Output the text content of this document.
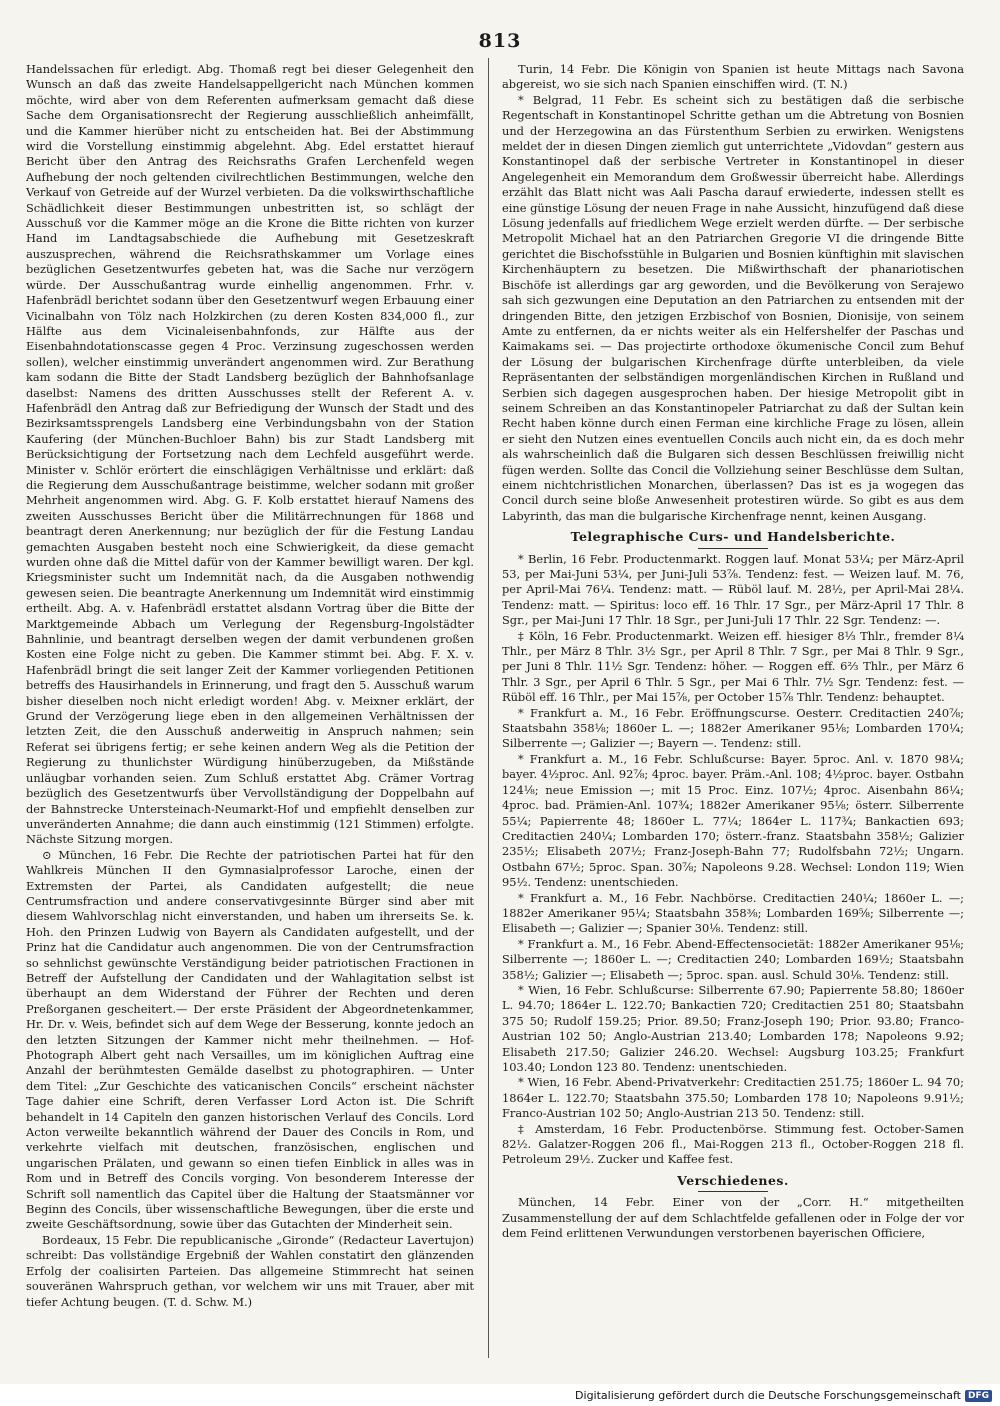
813

Handelssachen für erledigt. Abg. Thomaß regt bei dieser Gelegenheit den Wunsch an daß das zweite Handelsappellgericht nach München kommen möchte, wird aber von dem Referenten aufmerksam gemacht daß diese Sache dem Organisationsrecht der Regierung ausschließlich anheimfällt, und die Kammer hierüber nicht zu entscheiden hat. Bei der Abstimmung wird die Vorstellung einstimmig abgelehnt. Abg. Edel erstattet hierauf Bericht über den Antrag des Reichsraths Grafen Lerchenfeld wegen Aufhebung der noch geltenden civilrechtlichen Bestimmungen, welche den Verkauf von Getreide auf der Wurzel verbieten. Da die volkswirthschaftliche Schädlichkeit dieser Bestimmungen unbestritten ist, so schlägt der Ausschuß vor die Kammer möge an die Krone die Bitte richten von kurzer Hand im Landtagsabschiede die Aufhebung mit Gesetzeskraft auszusprechen, während die Reichsrathskammer um Vorlage eines bezüglichen Gesetzentwurfes gebeten hat, was die Sache nur verzögern würde. Der Ausschußantrag wurde einhellig angenommen. Frhr. v. Hafenbrädl berichtet sodann über den Gesetzentwurf wegen Erbauung einer Vicinalbahn von Tölz nach Holzkirchen (zu deren Kosten 834,000 fl., zur Hälfte aus dem Vicinaleisenbahnfonds, zur Hälfte aus der Eisenbahndotationscasse gegen 4 Proc. Verzinsung zugeschossen werden sollen), welcher einstimmig unverändert angenommen wird. Zur Berathung kam sodann die Bitte der Stadt Landsberg bezüglich der Bahnhofsanlage daselbst: Namens des dritten Ausschusses stellt der Referent A. v. Hafenbrädl den Antrag daß zur Befriedigung der Wunsch der Stadt und des Bezirksamtssprengels Landsberg eine Verbindungsbahn von der Station Kaufering (der München-Buchloer Bahn) bis zur Stadt Landsberg mit Berücksichtigung der Fortsetzung nach dem Lechfeld ausgeführt werde. Minister v. Schlör erörtert die einschlägigen Verhältnisse und erklärt: daß die Regierung dem Ausschußantrage beistimme, welcher sodann mit großer Mehrheit angenommen wird. Abg. G. F. Kolb erstattet hierauf Namens des zweiten Ausschusses Bericht über die Militärrechnungen für 1868 und beantragt deren Anerkennung; nur bezüglich der für die Festung Landau gemachten Ausgaben besteht noch eine Schwierigkeit, da diese gemacht wurden ohne daß die Mittel dafür von der Kammer bewilligt waren. Der kgl. Kriegsminister sucht um Indemnität nach, da die Ausgaben nothwendig gewesen seien. Die beantragte Anerkennung um Indemnität wird einstimmig ertheilt. Abg. A. v. Hafenbrädl erstattet alsdann Vortrag über die Bitte der Marktgemeinde Abbach um Verlegung der Regensburg-Ingolstädter Bahnlinie, und beantragt derselben wegen der damit verbundenen großen Kosten eine Folge nicht zu geben. Die Kammer stimmt bei. Abg. F. X. v. Hafenbrädl bringt die seit langer Zeit der Kammer vorliegenden Petitionen betreffs des Hausirhandels in Erinnerung, und fragt den 5. Ausschuß warum bisher dieselben noch nicht erledigt worden! Abg. v. Meixner erklärt, der Grund der Verzögerung liege eben in den allgemeinen Verhältnissen der letzten Zeit, die den Ausschuß anderweitig in Anspruch nahmen; sein Referat sei übrigens fertig; er sehe keinen andern Weg als die Petition der Regierung zu thunlichster Würdigung hinüberzugeben, da Mißstände unläugbar vorhanden seien. Zum Schluß erstattet Abg. Crämer Vortrag bezüglich des Gesetzentwurfs über Vervollständigung der Doppelbahn auf der Bahnstrecke Untersteinach-Neumarkt-Hof und empfiehlt denselben zur unveränderten Annahme; die dann auch einstimmig (121 Stimmen) erfolgte. Nächste Sitzung morgen.

⊙ München, 16 Febr. Die Rechte der patriotischen Partei hat für den Wahlkreis München II den Gymnasialprofessor Laroche, einen der Extremsten der Partei, als Candidaten aufgestellt; die neue Centrumsfraction und andere conservativgesinnte Bürger sind aber mit diesem Wahlvorschlag nicht einverstanden, und haben um ihrerseits Se. k. Hoh. den Prinzen Ludwig von Bayern als Candidaten aufgestellt, und der Prinz hat die Candidatur auch angenommen. Die von der Centrumsfraction so sehnlichst gewünschte Verständigung beider patriotischen Fractionen in Betreff der Aufstellung der Candidaten und der Wahlagitation selbst ist überhaupt an dem Widerstand der Führer der Rechten und deren Preßorganen gescheitert.— Der erste Präsident der Abgeordnetenkammer, Hr. Dr. v. Weis, befindet sich auf dem Wege der Besserung, konnte jedoch an den letzten Sitzungen der Kammer nicht mehr theilnehmen. — Hof-Photograph Albert geht nach Versailles, um im königlichen Auftrag eine Anzahl der berühmtesten Gemälde daselbst zu photographiren. — Unter dem Titel: „Zur Geschichte des vaticanischen Concils“ erscheint nächster Tage dahier eine Schrift, deren Verfasser Lord Acton ist. Die Schrift behandelt in 14 Capiteln den ganzen historischen Verlauf des Concils. Lord Acton verweilte bekanntlich während der Dauer des Concils in Rom, und verkehrte vielfach mit deutschen, französischen, englischen und ungarischen Prälaten, und gewann so einen tiefen Einblick in alles was in Rom und in Betreff des Concils vorging. Von besonderem Interesse der Schrift soll namentlich das Capitel über die Haltung der Staatsmänner vor Beginn des Concils, über wissenschaftliche Bewegungen, über die erste und zweite Geschäftsordnung, sowie über das Gutachten der Minderheit sein.

Bordeaux, 15 Febr. Die republicanische „Gironde“ (Redacteur Lavertujon) schreibt: Das vollständige Ergebniß der Wahlen constatirt den glänzenden Erfolg der coalisirten Parteien. Das allgemeine Stimmrecht hat seinen souveränen Wahrspruch gethan, vor welchem wir uns mit Trauer, aber mit tiefer Achtung beugen. (T. d. Schw. M.)

Turin, 14 Febr. Die Königin von Spanien ist heute Mittags nach Savona abgereist, wo sie sich nach Spanien einschiffen wird. (T. N.)

* Belgrad, 11 Febr. Es scheint sich zu bestätigen daß die serbische Regentschaft in Konstantinopel Schritte gethan um die Abtretung von Bosnien und der Herzegowina an das Fürstenthum Serbien zu erwirken. Wenigstens meldet der in diesen Dingen ziemlich gut unterrichtete „Vidovdan“ gestern aus Konstantinopel daß der serbische Vertreter in Konstantinopel in dieser Angelegenheit ein Memorandum dem Großwessir überreicht habe. Allerdings erzählt das Blatt nicht was Aali Pascha darauf erwiederte, indessen stellt es eine günstige Lösung der neuen Frage in nahe Aussicht, hinzufügend daß diese Lösung jedenfalls auf friedlichem Wege erzielt werden dürfte. — Der serbische Metropolit Michael hat an den Patriarchen Gregorie VI die dringende Bitte gerichtet die Bischofsstühle in Bulgarien und Bosnien künftighin mit slavischen Kirchenhäuptern zu besetzen. Die Mißwirthschaft der phanariotischen Bischöfe ist allerdings gar arg geworden, und die Bevölkerung von Serajewo sah sich gezwungen eine Deputation an den Patriarchen zu entsenden mit der dringenden Bitte, den jetzigen Erzbischof von Bosnien, Dionisije, von seinem Amte zu entfernen, da er nichts weiter als ein Helfershelfer der Paschas und Kaimakams sei. — Das projectirte orthodoxe ökumenische Concil zum Behuf der Lösung der bulgarischen Kirchenfrage dürfte unterbleiben, da viele Repräsentanten der selbständigen morgenländischen Kirchen in Rußland und Serbien sich dagegen ausgesprochen haben. Der hiesige Metropolit gibt in seinem Schreiben an das Konstantinopeler Patriarchat zu daß der Sultan kein Recht haben könne durch einen Ferman eine kirchliche Frage zu lösen, allein er sieht den Nutzen eines eventuellen Concils auch nicht ein, da es doch mehr als wahrscheinlich daß die Bulgaren sich dessen Beschlüssen freiwillig nicht fügen werden. Sollte das Concil die Vollziehung seiner Beschlüsse dem Sultan, einem nichtchristlichen Monarchen, überlassen? Das ist es ja wogegen das Concil durch seine bloße Anwesenheit protestiren würde. So gibt es aus dem Labyrinth, das man die bulgarische Kirchenfrage nennt, keinen Ausgang.

Telegraphische Curs- und Handelsberichte.

* Berlin, 16 Febr. Productenmarkt. Roggen lauf. Monat 53¼; per März-April 53, per Mai-Juni 53¼, per Juni-Juli 53⅞. Tendenz: fest. — Weizen lauf. M. 76, per April-Mai 76¼. Tendenz: matt. — Rüböl lauf. M. 28½, per April-Mai 28¼. Tendenz: matt. — Spiritus: loco eff. 16 Thlr. 17 Sgr., per März-April 17 Thlr. 8 Sgr., per Mai-Juni 17 Thlr. 18 Sgr., per Juni-Juli 17 Thlr. 22 Sgr. Tendenz: —.

‡ Köln, 16 Febr. Productenmarkt. Weizen eff. hiesiger 8⅓ Thlr., fremder 8¼ Thlr., per März 8 Thlr. 3½ Sgr., per April 8 Thlr. 7 Sgr., per Mai 8 Thlr. 9 Sgr., per Juni 8 Thlr. 11½ Sgr. Tendenz: höher. — Roggen eff. 6⅔ Thlr., per März 6 Thlr. 3 Sgr., per April 6 Thlr. 5 Sgr., per Mai 6 Thlr. 7½ Sgr. Tendenz: fest. — Rüböl eff. 16 Thlr., per Mai 15⅞, per October 15⅞ Thlr. Tendenz: behauptet.

* Frankfurt a. M., 16 Febr. Eröffnungscurse. Oesterr. Creditactien 240⅞; Staatsbahn 358⅛; 1860er L. —; 1882er Amerikaner 95⅛; Lombarden 170¼; Silberrente —; Galizier —; Bayern —. Tendenz: still.

* Frankfurt a. M., 16 Febr. Schlußcurse: Bayer. 5proc. Anl. v. 1870 98¼; bayer. 4½proc. Anl. 92⅞; 4proc. bayer. Präm.-Anl. 108; 4½proc. bayer. Ostbahn 124⅛; neue Emission —; mit 15 Proc. Einz. 107½; 4proc. Aisenbahn 86¼; 4proc. bad. Prämien-Anl. 107¾; 1882er Amerikaner 95⅛; österr. Silberrente 55¼; Papierrente 48; 1860er L. 77¼; 1864er L. 117¾; Bankactien 693; Creditactien 240¼; Lombarden 170; österr.-franz. Staatsbahn 358½; Galizier 235½; Elisabeth 207½; Franz-Joseph-Bahn 77; Rudolfsbahn 72½; Ungarn. Ostbahn 67½; 5proc. Span. 30⅞; Napoleons 9.28. Wechsel: London 119; Wien 95½. Tendenz: unentschieden.

* Frankfurt a. M., 16 Febr. Nachbörse. Creditactien 240¼; 1860er L. —; 1882er Amerikaner 95¼; Staatsbahn 358⅜; Lombarden 169⅝; Silberrente —; Elisabeth —; Galizier —; Spanier 30⅛. Tendenz: still.

* Frankfurt a. M., 16 Febr. Abend-Effectensocietät: 1882er Amerikaner 95⅛; Silberrente —; 1860er L. —; Creditactien 240; Lombarden 169½; Staatsbahn 358½; Galizier —; Elisabeth —; 5proc. span. ausl. Schuld 30⅛. Tendenz: still.

* Wien, 16 Febr. Schlußcurse: Silberrente 67.90; Papierrente 58.80; 1860er L. 94.70; 1864er L. 122.70; Bankactien 720; Creditactien 251 80; Staatsbahn 375 50; Rudolf 159.25; Prior. 89.50; Franz-Joseph 190; Prior. 93.80; Franco-Austrian 102 50; Anglo-Austrian 213.40; Lombarden 178; Napoleons 9.92; Elisabeth 217.50; Galizier 246.20. Wechsel: Augsburg 103.25; Frankfurt 103.40; London 123 80. Tendenz: unentschieden.

* Wien, 16 Febr. Abend-Privatverkehr: Creditactien 251.75; 1860er L. 94 70; 1864er L. 122.70; Staatsbahn 375.50; Lombarden 178 10; Napoleons 9.91½; Franco-Austrian 102 50; Anglo-Austrian 213 50. Tendenz: still.

‡ Amsterdam, 16 Febr. Productenbörse. Stimmung fest. October-Samen 82½. Galatzer-Roggen 206 fl., Mai-Roggen 213 fl., October-Roggen 218 fl. Petroleum 29½. Zucker und Kaffee fest.

Verschiedenes.

München, 14 Febr. Einer von der „Corr. H.“ mitgetheilten Zusammenstellung der auf dem Schlachtfelde gefallenen oder in Folge der vor dem Feind erlittenen Verwundungen verstorbenen bayerischen Officiere,

Digitalisierung gefördert durch die Deutsche Forschungsgemeinschaft DFG
